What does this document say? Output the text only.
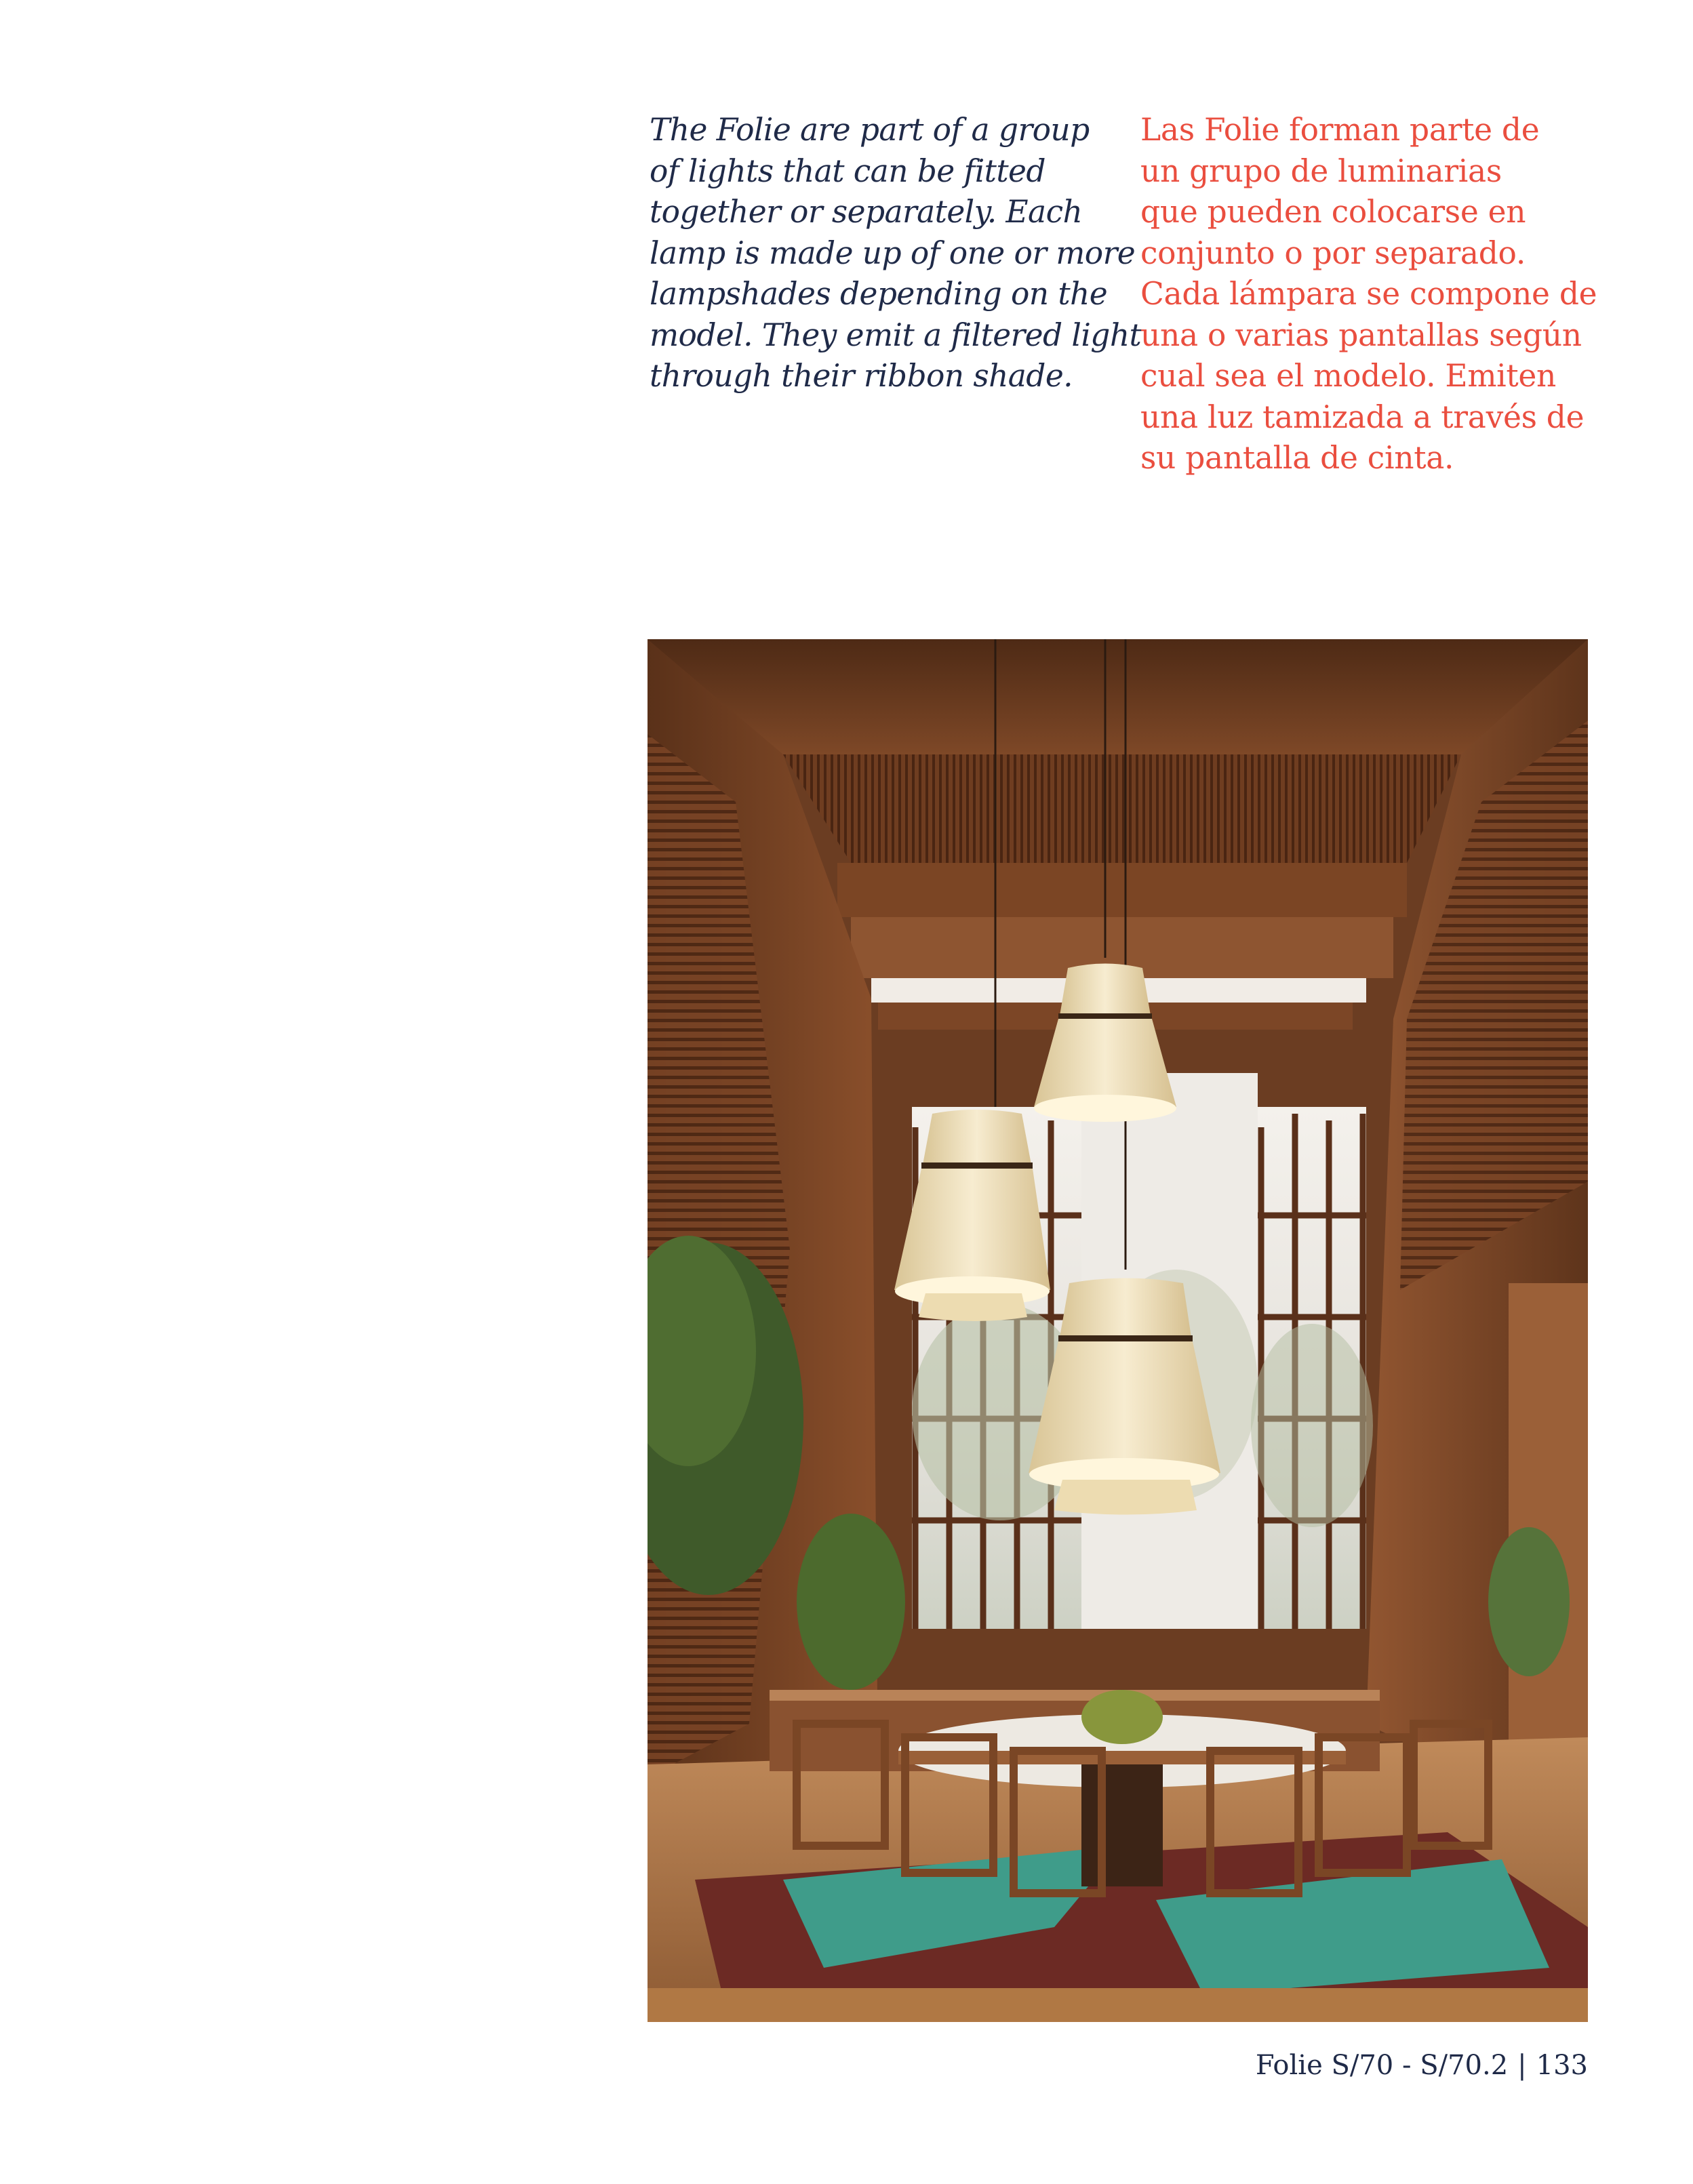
The Folie are part of a group
of lights that can be fitted
together or separately. Each
lamp is made up of one or more
lampshades depending on the
model. They emit a filtered light
through their ribbon shade.
Las Folie forman parte de
un grupo de luminarias
que pueden colocarse en
conjunto o por separado.
Cada lámpara se compone de
una o varias pantallas según
cual sea el modelo. Emiten
una luz tamizada a través de
su pantalla de cinta.
Folie S/70 - S/70.2 | 133
